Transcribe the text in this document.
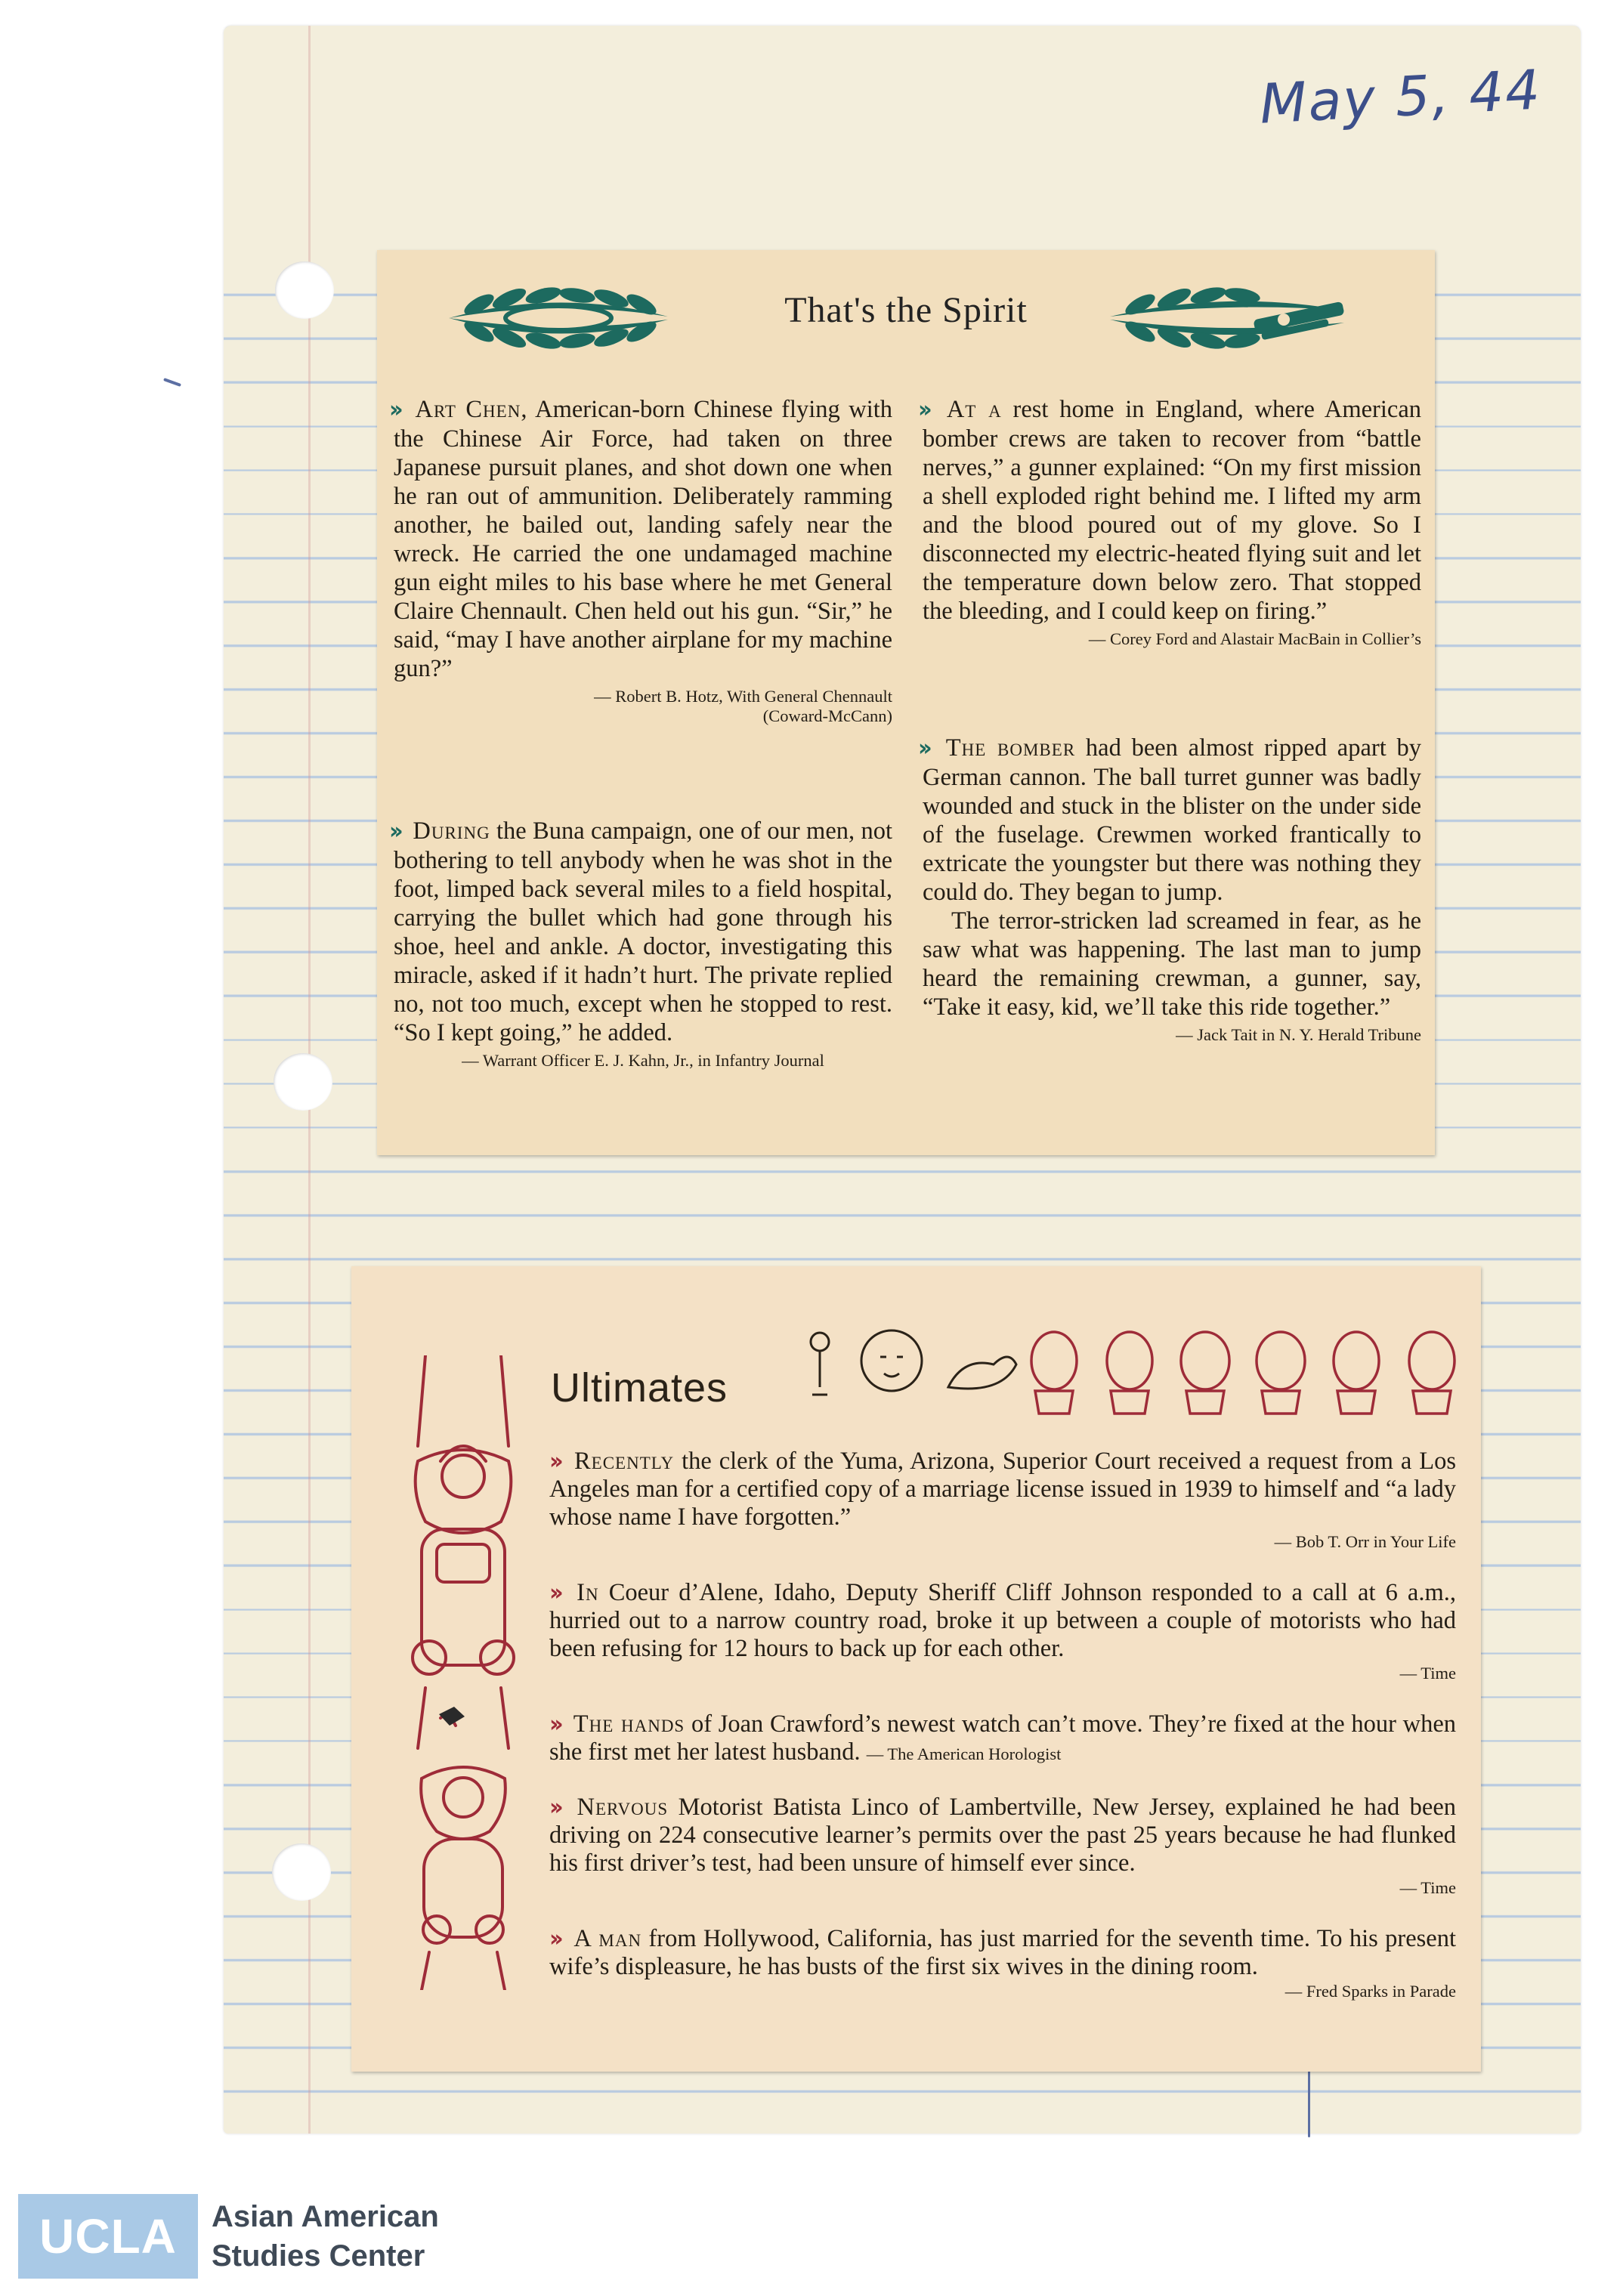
May 5, 44
That's the Spirit

›› Art Chen, American-born Chinese flying with the Chinese Air Force, had taken on three Japanese pursuit planes, and shot down one when he ran out of ammunition. Deliberately ramming another, he bailed out, landing safely near the wreck. He carried the one undamaged machine gun eight miles to his base where he met General Claire Chennault. Chen held out his gun. “Sir,” he said, “may I have another airplane for my machine gun?”

— Robert B. Hotz, With General Chennault
(Coward-McCann)

›› During the Buna campaign, one of our men, not bothering to tell anybody when he was shot in the foot, limped back several miles to a field hospital, carrying the bullet which had gone through his shoe, heel and ankle. A doctor, investigating this miracle, asked if it hadn’t hurt. The private replied no, not too much, except when he stopped to rest. “So I kept going,” he added.

— Warrant Officer E. J. Kahn, Jr., in Infantry Journal

›› At a rest home in England, where American bomber crews are taken to recover from “battle nerves,” a gunner explained: “On my first mission a shell exploded right behind me. I lifted my arm and the blood poured out of my glove. So I disconnected my electric-heated flying suit and let the temperature down below zero. That stopped the bleeding, and I could keep on firing.”

— Corey Ford and Alastair MacBain in Collier’s

›› The bomber had been almost ripped apart by German cannon. The ball turret gunner was badly wounded and stuck in the blister on the under side of the fuselage. Crewmen worked frantically to extricate the youngster but there was nothing they could do. They began to jump.

The terror-stricken lad screamed in fear, as he saw what was happening. The last man to jump heard the remaining crewman, a gunner, say, “Take it easy, kid, we’ll take this ride together.”

— Jack Tait in N. Y. Herald Tribune
Ultimates
›› Recently the clerk of the Yuma, Arizona, Superior Court received a request from a Los Angeles man for a certified copy of a marriage license issued in 1939 to himself and “a lady whose name I have forgotten.”
— Bob T. Orr in Your Life
›› In Coeur d’Alene, Idaho, Deputy Sheriff Cliff Johnson responded to a call at 6 a.m., hurried out to a narrow country road, broke it up between a couple of motorists who had been refusing for 12 hours to back up for each other.
— Time
›› The hands of Joan Crawford’s newest watch can’t move. They’re fixed at the hour when she first met her latest husband. — The American Horologist
›› Nervous Motorist Batista Linco of Lambertville, New Jersey, explained he had been driving on 224 consecutive learner’s permits over the past 25 years because he had flunked his first driver’s test, had been unsure of himself ever since.
— Time
›› A man from Hollywood, California, has just married for the seventh time. To his present wife’s displeasure, he has busts of the first six wives in the dining room.
— Fred Sparks in Parade
UCLA Asian American
Studies Center
